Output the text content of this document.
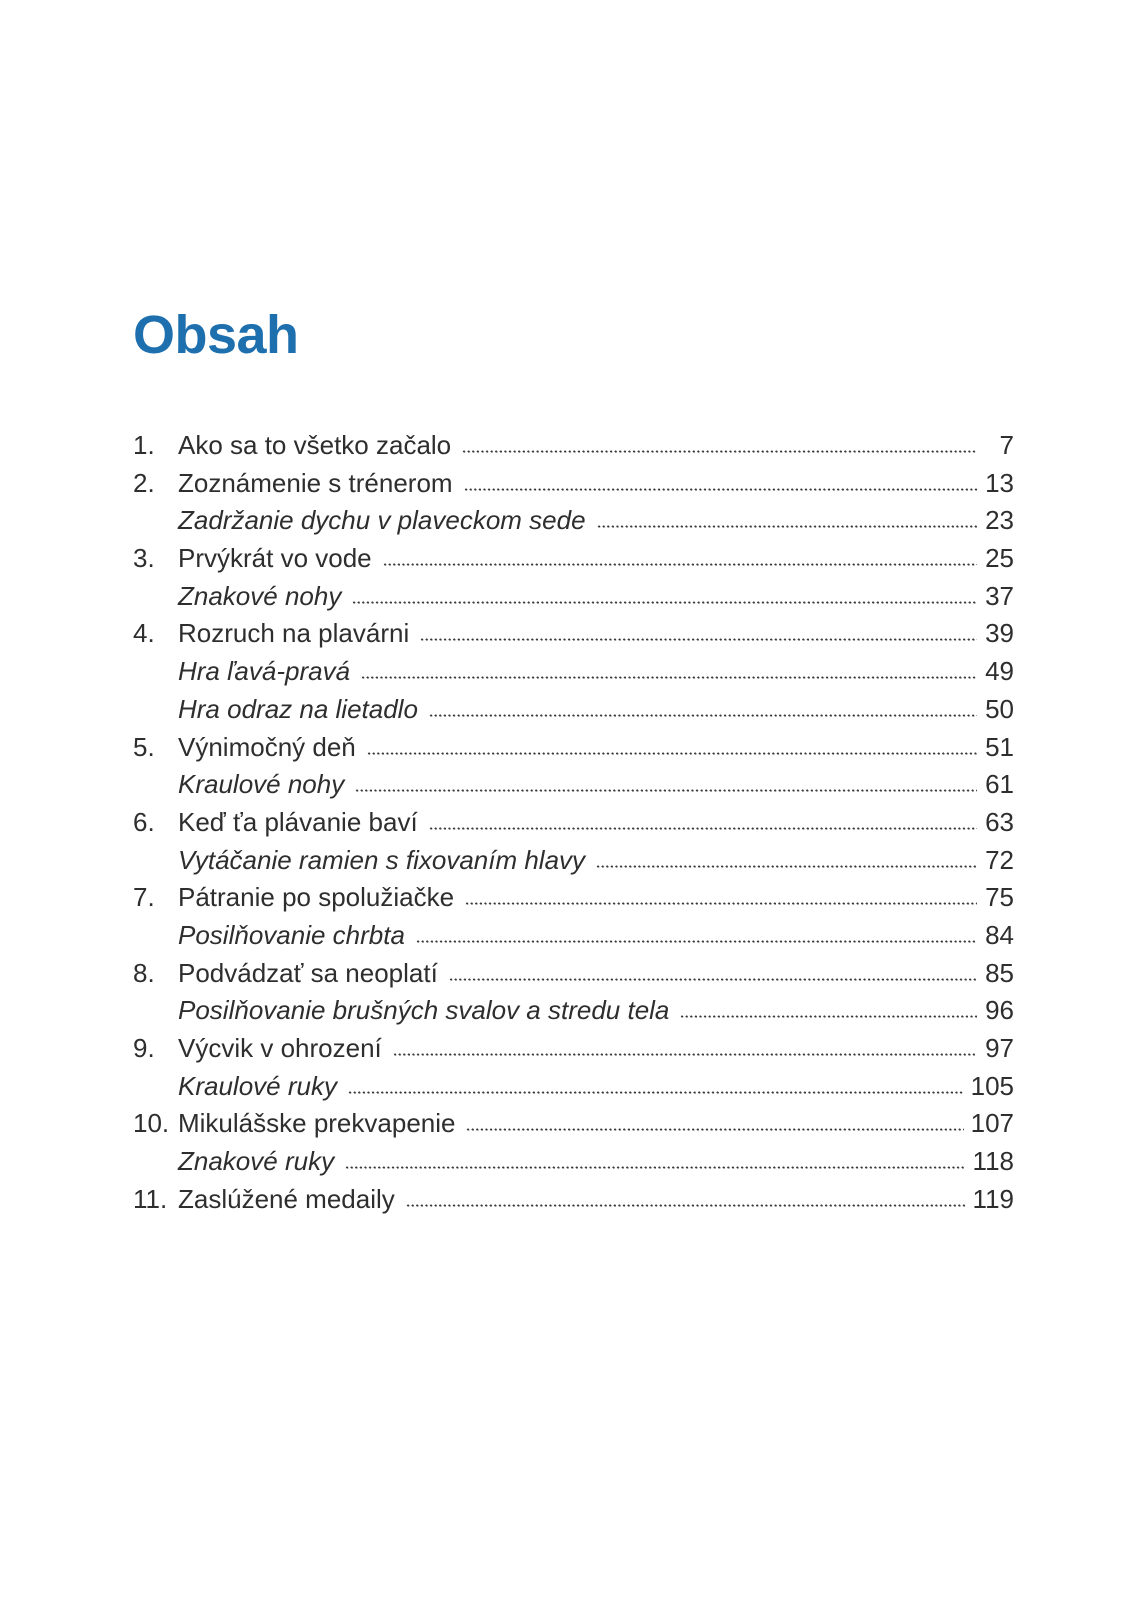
Obsah
1. Ako sa to všetko začalo	7
2. Zoznámenie s trénerom	13
Zadržanie dychu v plaveckom sede	23
3. Prvýkrát vo vode	25
Znakové nohy	37
4. Rozruch na plavárni	39
Hra ľavá-pravá	49
Hra odraz na lietadlo	50
5. Výnimočný deň	51
Kraulové nohy	61
6. Keď ťa plávanie baví	63
Vytáčanie ramien s fixovaním hlavy	72
7. Pátranie po spolužiačke	75
Posilňovanie chrbta	84
8. Podvádzať sa neoplatí	85
Posilňovanie brušných svalov a stredu tela	96
9. Výcvik v ohrození	97
Kraulové ruky	105
10. Mikulášske prekvapenie	107
Znakové ruky	118
11. Zaslúžené medaily	119
